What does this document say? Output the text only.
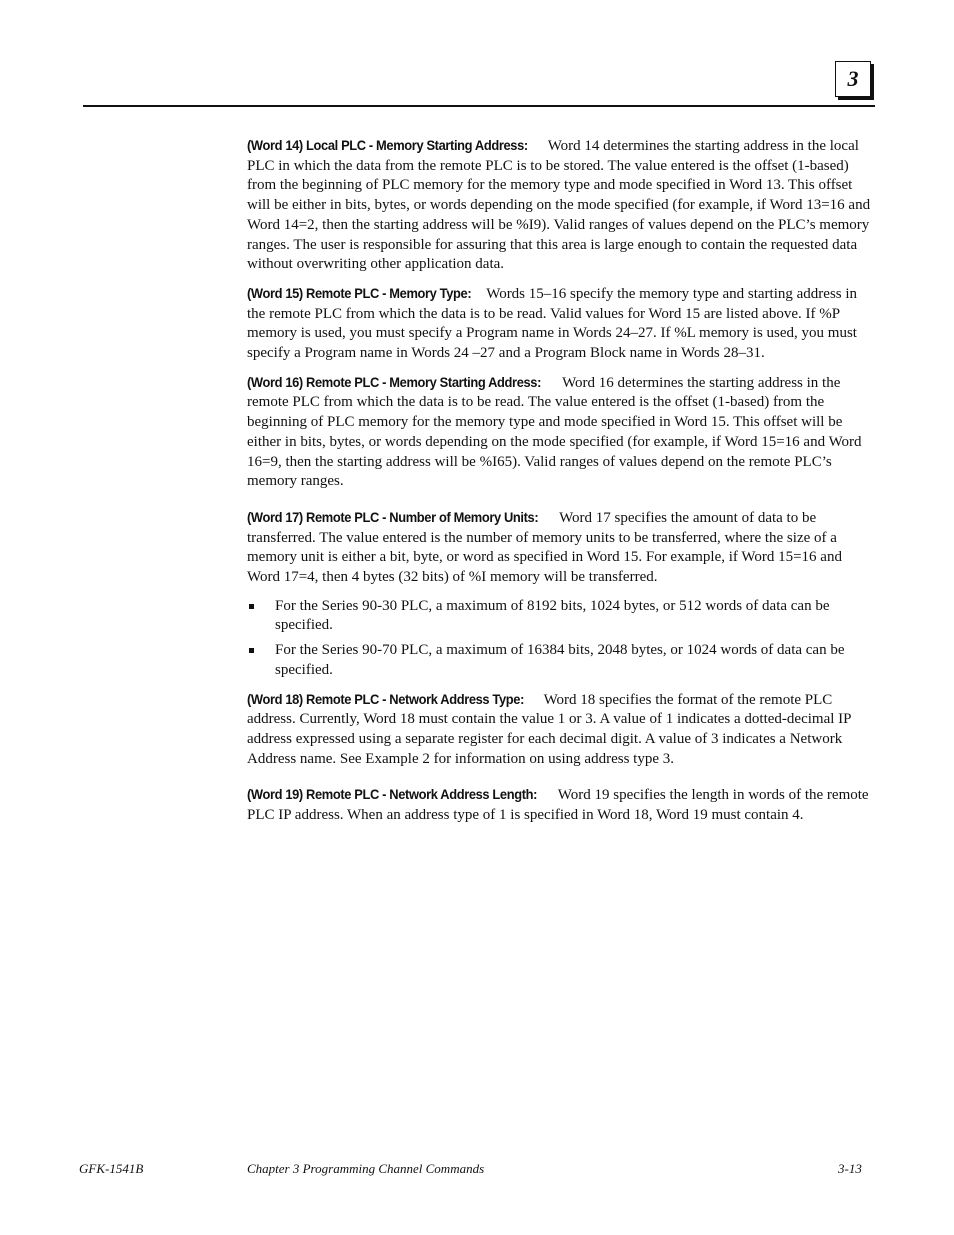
3

(Word 14) Local PLC - Memory Starting Address: Word 14 determines the starting address in the local PLC in which the data from the remote PLC is to be stored. The value entered is the offset (1-based) from the beginning of PLC memory for the memory type and mode specified in Word 13. This offset will be either in bits, bytes, or words depending on the mode specified (for example, if Word 13=16 and Word 14=2, then the starting address will be %I9). Valid ranges of values depend on the PLC’s memory ranges. The user is responsible for assuring that this area is large enough to contain the requested data without overwriting other application data.

(Word 15) Remote PLC - Memory Type: Words 15–16 specify the memory type and starting address in the remote PLC from which the data is to be read. Valid values for Word 15 are listed above. If %P memory is used, you must specify a Program name in Words 24–27. If %L memory is used, you must specify a Program name in Words 24 –27 and a Program Block name in Words 28–31.

(Word 16) Remote PLC - Memory Starting Address: Word 16 determines the starting address in the remote PLC from which the data is to be read. The value entered is the offset (1-based) from the beginning of PLC memory for the memory type and mode specified in Word 15. This offset will be either in bits, bytes, or words depending on the mode specified (for example, if Word 15=16 and Word 16=9, then the starting address will be %I65). Valid ranges of values depend on the remote PLC’s memory ranges.

(Word 17) Remote PLC - Number of Memory Units: Word 17 specifies the amount of data to be transferred. The value entered is the number of memory units to be transferred, where the size of a memory unit is either a bit, byte, or word as specified in Word 15. For example, if Word 15=16 and Word 17=4, then 4 bytes (32 bits) of %I memory will be transferred.

For the Series 90-30 PLC, a maximum of 8192 bits, 1024 bytes, or 512 words of data can be specified.
For the Series 90-70 PLC, a maximum of 16384 bits, 2048 bytes, or 1024 words of data can be specified.

(Word 18) Remote PLC - Network Address Type: Word 18 specifies the format of the remote PLC address. Currently, Word 18 must contain the value 1 or 3. A value of 1 indicates a dotted-decimal IP address expressed using a separate register for each decimal digit. A value of 3 indicates a Network Address name. See Example 2 for information on using address type 3.

(Word 19) Remote PLC - Network Address Length: Word 19 specifies the length in words of the remote PLC IP address. When an address type of 1 is specified in Word 18, Word 19 must contain 4.

GFK-1541B	Chapter 3 Programming Channel Commands	3-13
